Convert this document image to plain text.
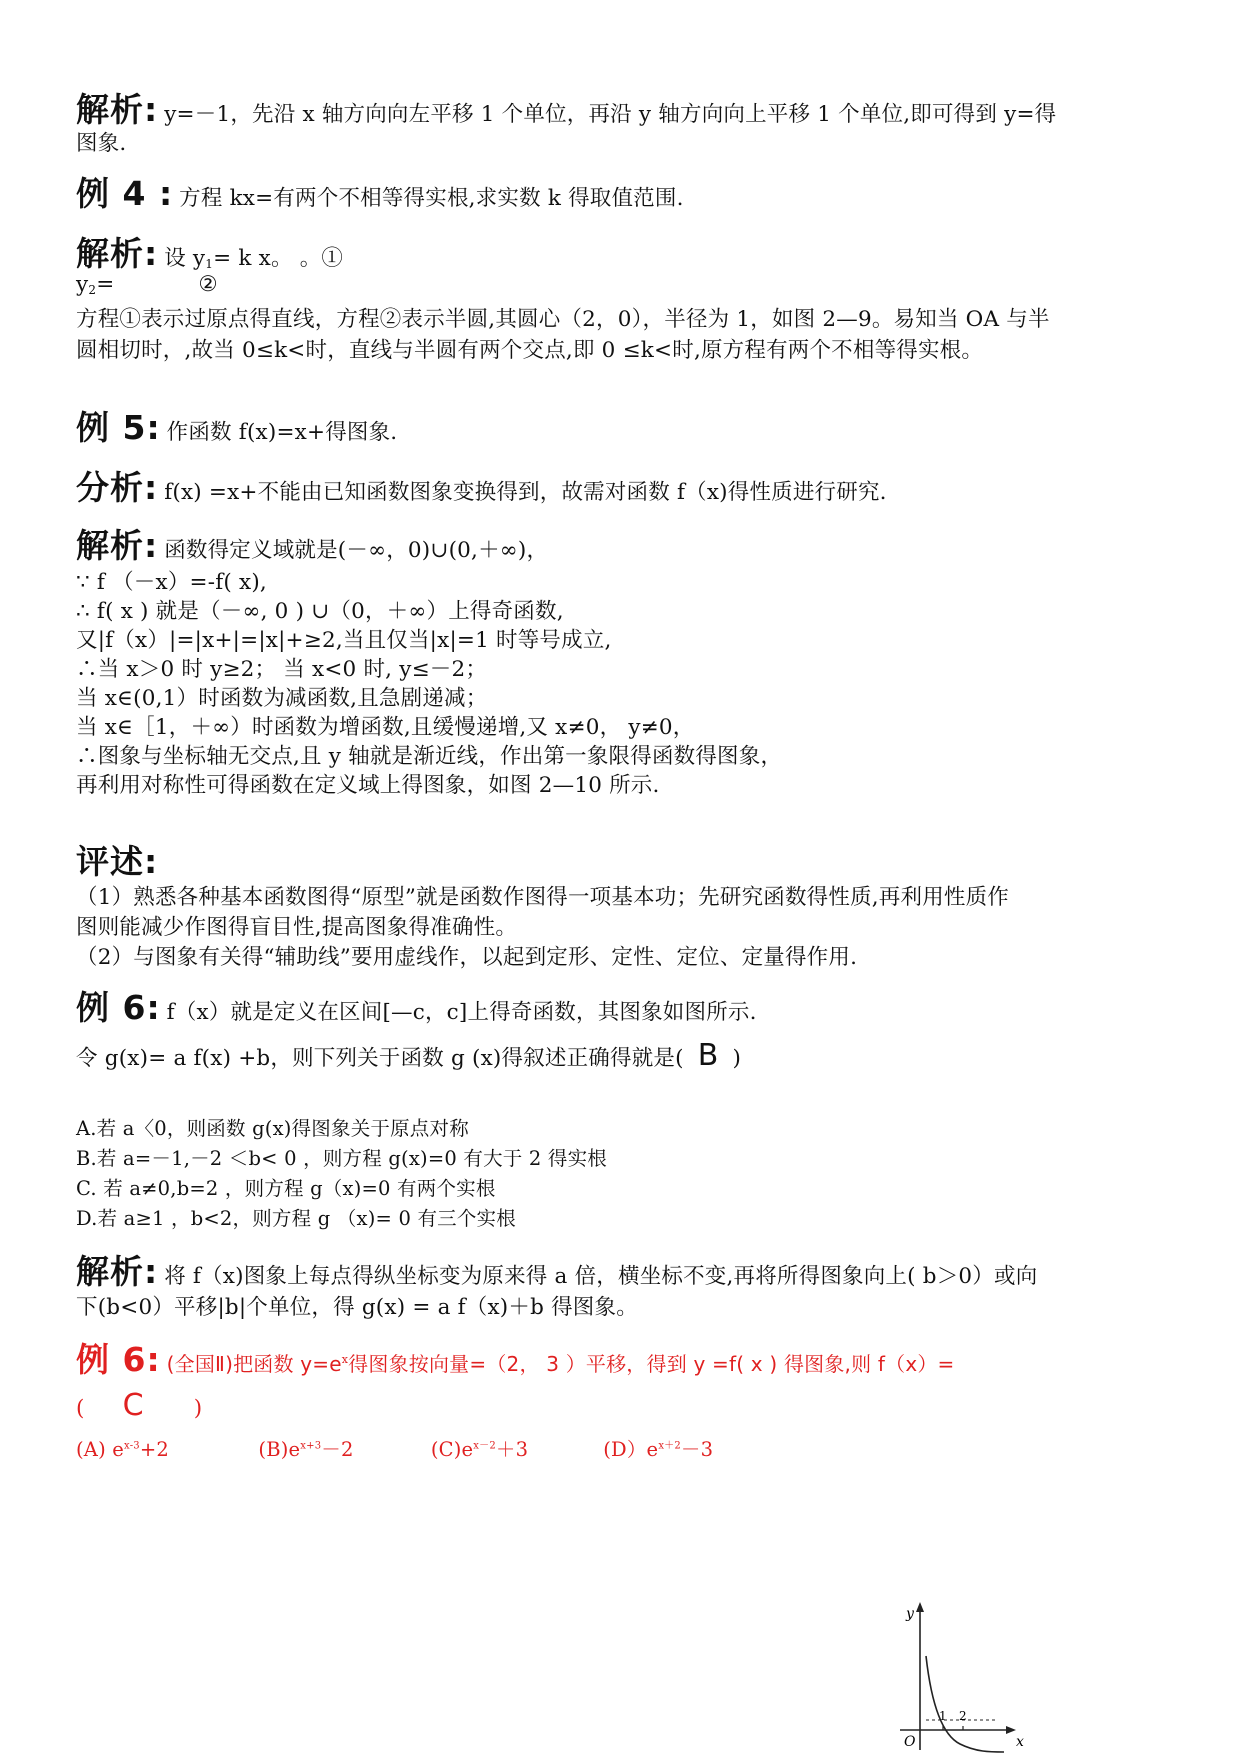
解析: y=－1，先沿 x 轴方向向左平移 1 个单位，再沿 y 轴方向向上平移 1 个单位,即可得到 y=得
图象.
例 4 : 方程 kx=有两个不相等得实根,求实数 k 得取值范围.
解析: 设 $y_1= k$ x。 。①
$y_2=$	②
方程①表示过原点得直线，方程②表示半圆,其圆心（2，0），半径为 1，如图 2—9。易知当 OA 与半
圆相切时，,故当 0≤k<时，直线与半圆有两个交点,即 0 ≤k<时,原方程有两个不相等得实根。
例 5: 作函数 f(x)=x+得图象.
分析: f(x) =x+不能由已知函数图象变换得到，故需对函数 f（x)得性质进行研究.
解析: 函数得定义域就是(－∞，0)∪(0,＋∞)，
∵ f （－x）=-f( x),
∴ f( x ) 就是（－∞, 0 ) ∪（0，＋∞）上得奇函数,
又|f（x）|=|x+|=|x|+≥2,当且仅当|x|=1 时等号成立,
∴当 x＞0 时 y≥2； 当 x<0 时, y≤－2；
当 x∈(0,1）时函数为减函数,且急剧递减；
当 x∈［1，＋∞）时函数为增函数,且缓慢递增,又 x≠0， y≠0，
∴图象与坐标轴无交点,且 y 轴就是渐近线，作出第一象限得函数得图象，
再利用对称性可得函数在定义域上得图象，如图 2—10 所示.
评述:
（1）熟悉各种基本函数图得“原型”就是函数作图得一项基本功；先研究函数得性质,再利用性质作
图则能减少作图得盲目性,提高图象得准确性。
（2）与图象有关得“辅助线”要用虚线作，以起到定形、定性、定位、定量得作用.
例 6: f（x）就是定义在区间[—c，c]上得奇函数，其图象如图所示.
令 g(x)= a f(x) +b，则下列关于函数 g (x)得叙述正确得就是( B )
A.若 a〈0，则函数 g(x)得图象关于原点对称
B.若 a=－1,－2 ＜b< 0 ，则方程 g(x)=0 有大于 2 得实根
C. 若 a≠0,b=2 ，则方程 g（x)=0 有两个实根
D.若 a≥1 ，b<2，则方程 g （x)= 0 有三个实根
解析: 将 f（x)图象上每点得纵坐标变为原来得 a 倍，横坐标不变,再将所得图象向上( b＞0）或向
下(b<0）平移|b|个单位，得 g(x) = a f（x)＋b 得图象。
例 6: (全国Ⅱ)把函数 $y=e^x$得图象按向量=（2， 3 ）平移，得到 y =f( x ) 得图象,则 f（x）=
( C )
(A) $e^{x-3}+2$	$(B)e^{x+3}-2$	$(C)e^{x-2}+3$	$(D)e^{x+2}-3$
y
x
O
1 2
